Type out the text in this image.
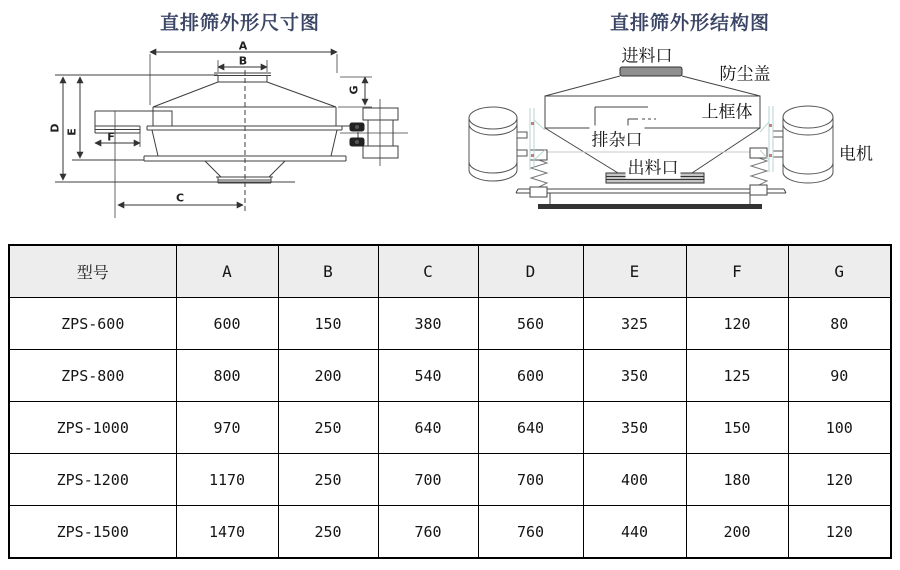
直排筛外形尺寸图
A
B
C
D E	F
G
直排筛外形结构图
进料口
防尘盖
上框体
排杂口
出料口
电机
型号	A	B	C	D	E	F	G
ZPS-600	600	150	380	560	325	120	80
ZPS-800	800	200	540	600	350	125	90
ZPS-1000	970	250	640	640	350	150	100
ZPS-1200	1170	250	700	700	400	180	120
ZPS-1500	1470	250	760	760	440	200	120
